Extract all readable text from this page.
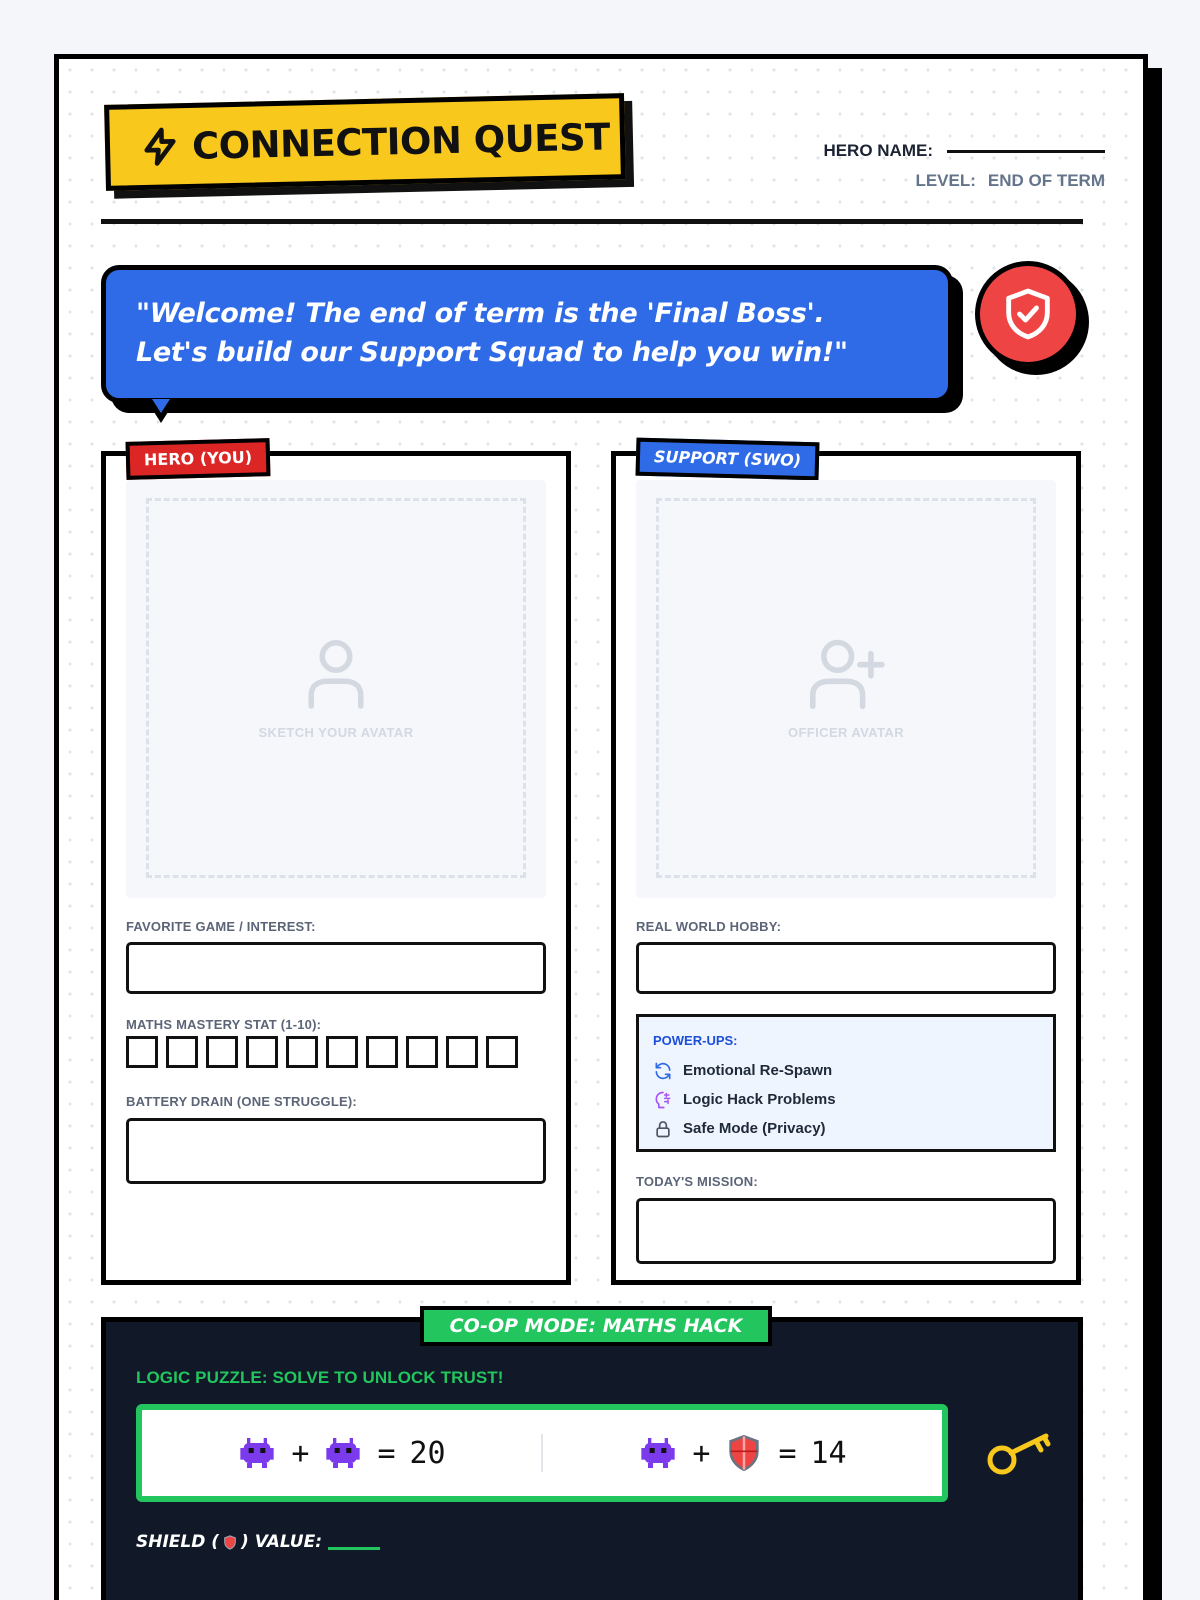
CONNECTION QUEST	HERO NAME:
LEVEL: END OF TERM

"Welcome! The end of term is the 'Final Boss'.

Let's build our Support Squad to help you win!"

HERO (YOU)
SKETCH YOUR AVATAR
FAVORITE GAME / INTEREST:
MATHS MASTERY STAT (1-10):
BATTERY DRAIN (ONE STRUGGLE):
SUPPORT (SWO)
OFFICER AVATAR
REAL WORLD HOBBY:
POWER-UPS:
Emotional Re-Spawn
Logic Hack Problems
Safe Mode (Privacy)
TODAY'S MISSION:
CO-OP MODE: MATHS HACK
LOGIC PUZZLE: SOLVE TO UNLOCK TRUST!
+ = 20	+ = 14
SHIELD ( ) VALUE:
